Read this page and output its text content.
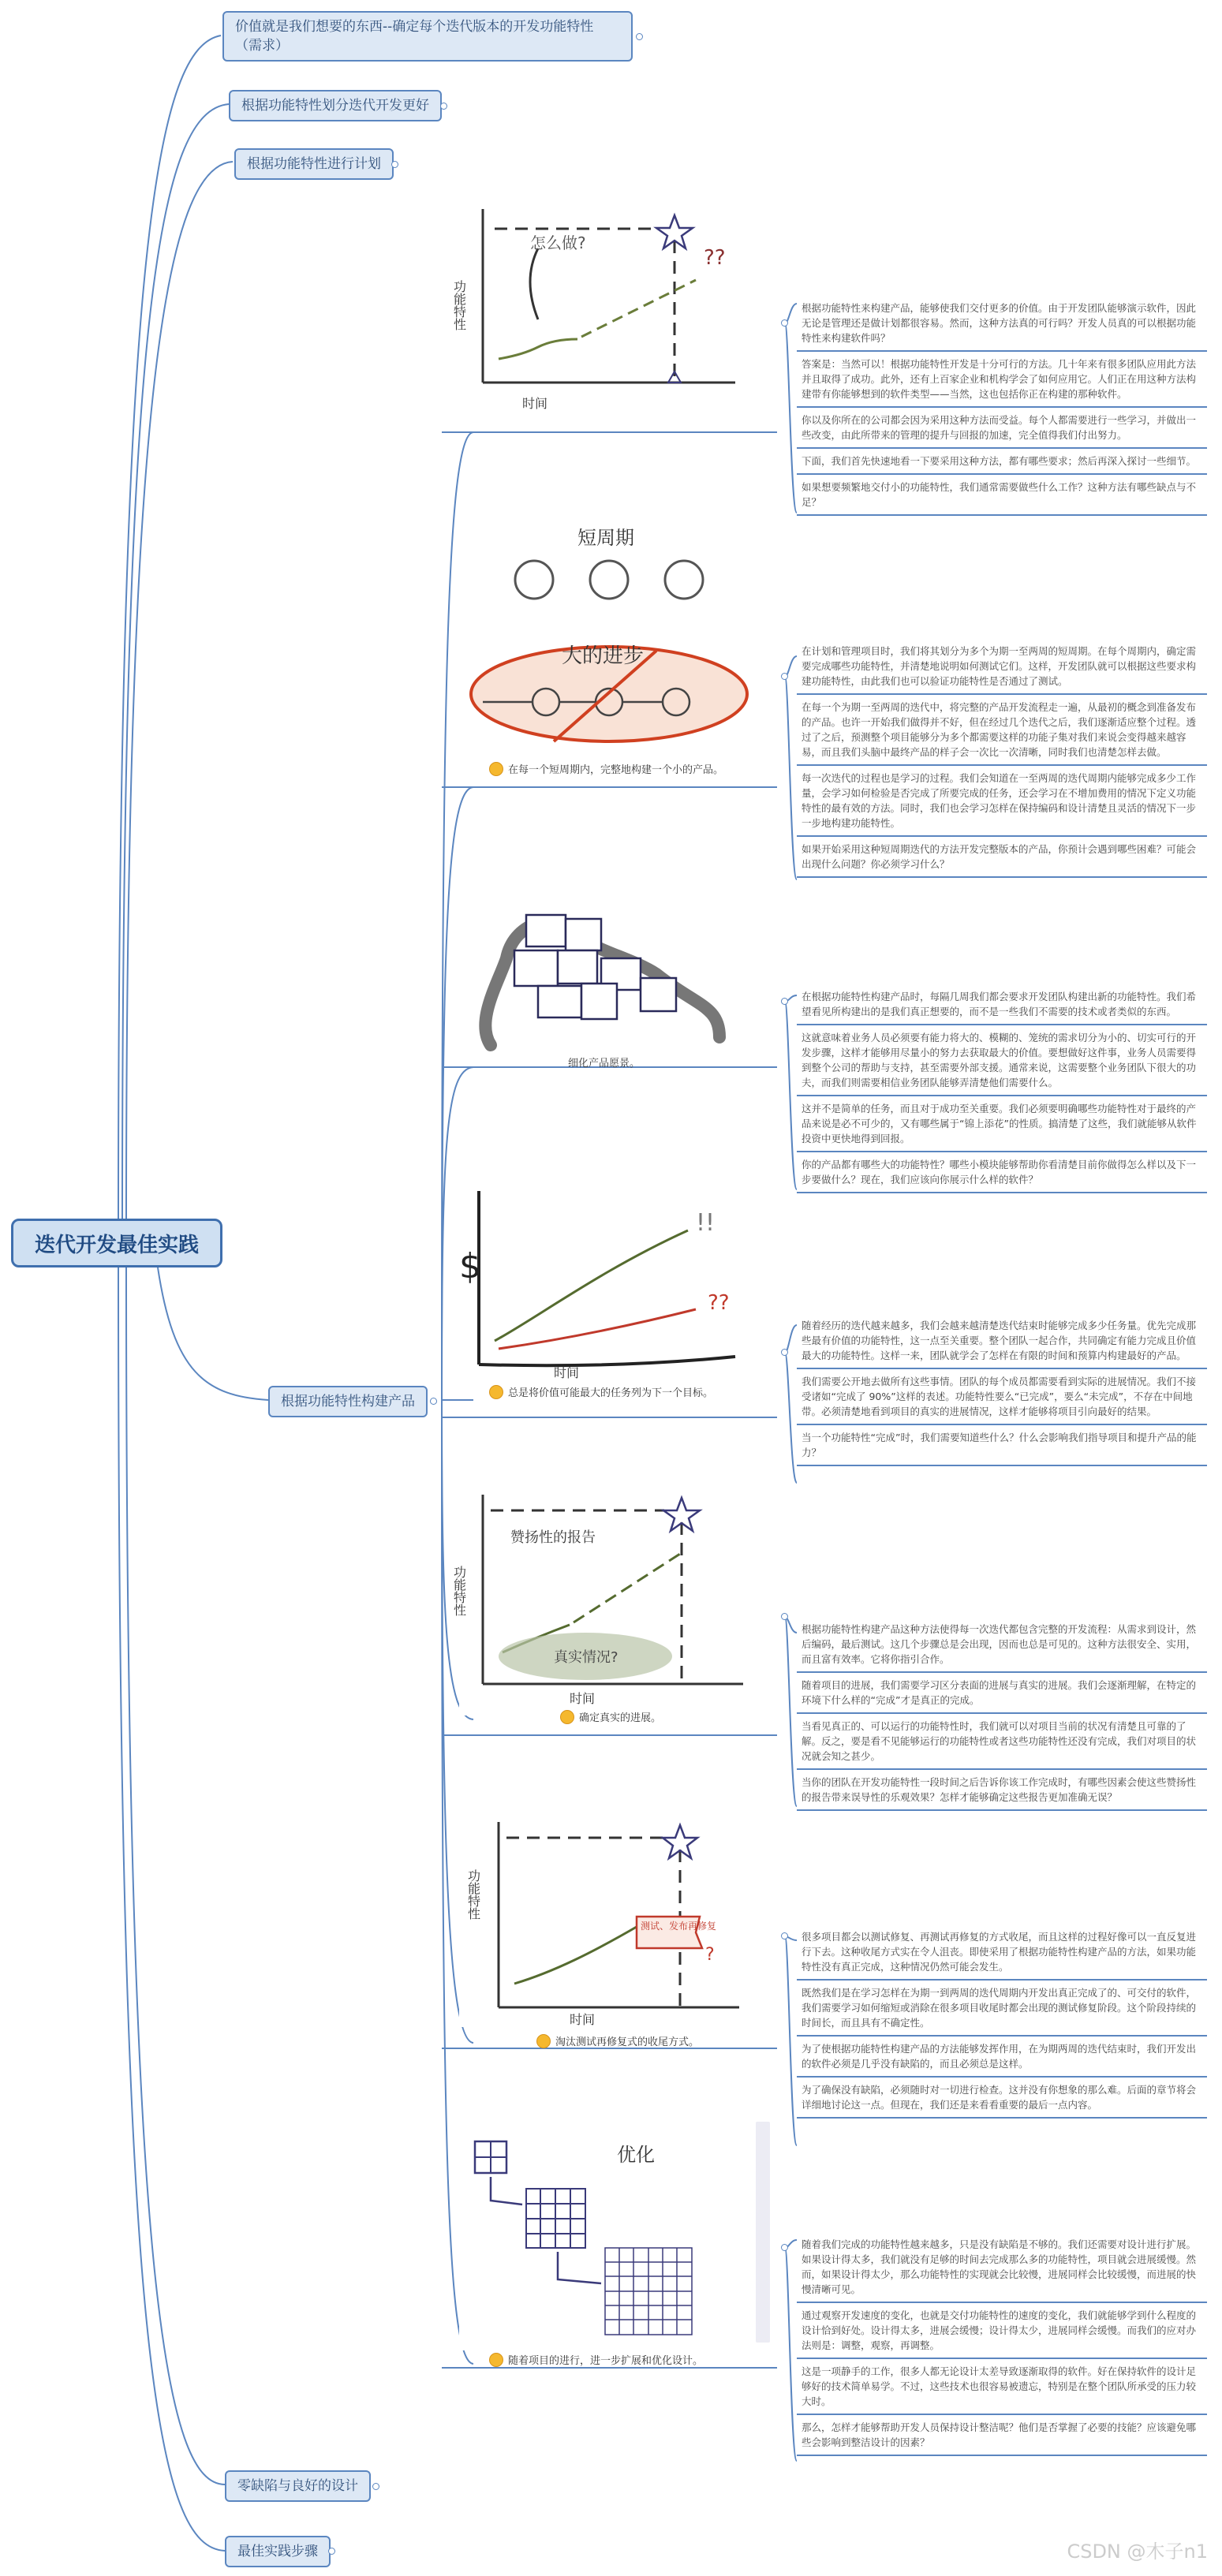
迭代开发最佳实践
价值就是我们想要的东西--确定每个迭代版本的开发功能特性（需求）
根据功能特性划分迭代开发更好
根据功能特性进行计划
根据功能特性构建产品
零缺陷与良好的设计
最佳实践步骤
怎么做?
??
功能特性
时间
根据功能特性来构建产品，能够使我们交付更多的价值。由于开发团队能够演示软件，因此无论是管理还是做计划都很容易。然而，这种方法真的可行吗？开发人员真的可以根据功能特性来构建软件吗？
答案是：当然可以！根据功能特性开发是十分可行的方法。几十年来有很多团队应用此方法并且取得了成功。此外，还有上百家企业和机构学会了如何应用它。人们正在用这种方法构建带有你能够想到的软件类型——当然，这也包括你正在构建的那种软件。
你以及你所在的公司都会因为采用这种方法而受益。每个人都需要进行一些学习，并做出一些改变，由此所带来的管理的提升与回报的加速，完全值得我们付出努力。
下面，我们首先快速地看一下要采用这种方法，都有哪些要求；然后再深入探讨一些细节。
如果想要频繁地交付小的功能特性，我们通常需要做些什么工作？这种方法有哪些缺点与不足？
短周期
大的进步
在每一个短周期内，完整地构建一个小的产品。
在计划和管理项目时，我们将其划分为多个为期一至两周的短周期。在每个周期内，确定需要完成哪些功能特性，并清楚地说明如何测试它们。这样，开发团队就可以根据这些要求构建功能特性，由此我们也可以验证功能特性是否通过了测试。
在每一个为期一至两周的迭代中，将完整的产品开发流程走一遍，从最初的概念到准备发布的产品。也许一开始我们做得并不好，但在经过几个迭代之后，我们逐渐适应整个过程。透过了之后，预测整个项目能够分为多个都需要这样的功能子集对我们来说会变得越来越容易，而且我们头脑中最终产品的样子会一次比一次清晰，同时我们也清楚怎样去做。
每一次迭代的过程也是学习的过程。我们会知道在一至两周的迭代周期内能够完成多少工作量，会学习如何检验是否完成了所要完成的任务，还会学习在不增加费用的情况下定义功能特性的最有效的方法。同时，我们也会学习怎样在保持编码和设计清楚且灵活的情况下一步一步地构建功能特性。
如果开始采用这种短周期迭代的方法开发完整版本的产品，你预计会遇到哪些困难？可能会出现什么问题？你必须学习什么？
细化产品愿景。
在根据功能特性构建产品时，每隔几周我们都会要求开发团队构建出新的功能特性。我们希望看见所构建出的是我们真正想要的，而不是一些我们不需要的技术或者类似的东西。
这就意味着业务人员必须要有能力将大的、模糊的、笼统的需求切分为小的、切实可行的开发步骤，这样才能够用尽量小的努力去获取最大的价值。要想做好这件事，业务人员需要得到整个公司的帮助与支持，甚至需要外部支援。通常来说，这需要整个业务团队下很大的功夫，而我们则需要相信业务团队能够弄清楚他们需要什么。
这并不是简单的任务，而且对于成功至关重要。我们必须要明确哪些功能特性对于最终的产品来说是必不可少的，又有哪些属于“锦上添花”的性质。搞清楚了这些，我们就能够从软件投资中更快地得到回报。
你的产品都有哪些大的功能特性？哪些小模块能够帮助你看清楚目前你做得怎么样以及下一步要做什么？现在，我们应该向你展示什么样的软件？
!!
??
$
时间
总是将价值可能最大的任务列为下一个目标。
随着经历的迭代越来越多，我们会越来越清楚迭代结束时能够完成多少任务量。优先完成那些最有价值的功能特性，这一点至关重要。整个团队一起合作，共同确定有能力完成且价值最大的功能特性。这样一来，团队就学会了怎样在有限的时间和预算内构建最好的产品。
我们需要公开地去做所有这些事情。团队的每个成员都需要看到实际的进展情况。我们不接受诸如“完成了 90%”这样的表述。功能特性要么“已完成”，要么“未完成”，不存在中间地带。必须清楚地看到项目的真实的进展情况，这样才能够将项目引向最好的结果。
当一个功能特性“完成”时，我们需要知道些什么？什么会影响我们指导项目和提升产品的能力？
赞扬性的报告
真实情况?
功能特性
时间
确定真实的进展。
根据功能特性构建产品这种方法使得每一次迭代都包含完整的开发流程：从需求到设计，然后编码，最后测试。这几个步骤总是会出现，因而也总是可见的。这种方法很安全、实用，而且富有效率。它将你指引合作。
随着项目的进展，我们需要学习区分表面的进展与真实的进展。我们会逐渐理解，在特定的环境下什么样的“完成”才是真正的完成。
当看见真正的、可以运行的功能特性时，我们就可以对项目当前的状况有清楚且可靠的了解。反之，要是看不见能够运行的功能特性或者这些功能特性还没有完成，我们对项目的状况就会知之甚少。
当你的团队在开发功能特性一段时间之后告诉你该工作完成时，有哪些因素会使这些赞扬性的报告带来误导性的乐观效果？怎样才能够确定这些报告更加准确无误？
测试、发布再修复
?
功能特性
时间
淘汰测试再修复式的收尾方式。
很多项目都会以测试修复、再测试再修复的方式收尾，而且这样的过程好像可以一直反复进行下去。这种收尾方式实在令人沮丧。即使采用了根据功能特性构建产品的方法，如果功能特性没有真正完成，这种情况仍然可能会发生。
既然我们是在学习怎样在为期一到两周的迭代周期内开发出真正完成了的、可交付的软件，我们需要学习如何缩短或消除在很多项目收尾时都会出现的测试修复阶段。这个阶段持续的时间长，而且具有不确定性。
为了使根据功能特性构建产品的方法能够发挥作用，在为期两周的迭代结束时，我们开发出的软件必须是几乎没有缺陷的，而且必须总是这样。
为了确保没有缺陷，必须随时对一切进行检查。这并没有你想象的那么难。后面的章节将会详细地讨论这一点。但现在，我们还是来看看重要的最后一点内容。
优化
随着项目的进行，进一步扩展和优化设计。
随着我们完成的功能特性越来越多，只是没有缺陷是不够的。我们还需要对设计进行扩展。如果设计得太多，我们就没有足够的时间去完成那么多的功能特性，项目就会进展缓慢。然而，如果设计得太少，那么功能特性的实现就会比较慢，进展同样会比较缓慢，而进展的快慢清晰可见。
通过观察开发速度的变化，也就是交付功能特性的速度的变化，我们就能够学到什么程度的设计恰到好处。设计得太多，进展会缓慢；设计得太少，进展同样会缓慢。而我们的应对办法则是：调整，观察，再调整。
这是一项静手的工作，很多人都无论设计太差导致逐渐取得的软件。好在保持软件的设计足够好的技术简单易学。不过，这些技术也很容易被遗忘，特别是在整个团队所承受的压力较大时。
那么，怎样才能够帮助开发人员保持设计整洁呢？他们是否掌握了必要的技能？应该避免哪些会影响到整洁设计的因素？
CSDN @木子n1
